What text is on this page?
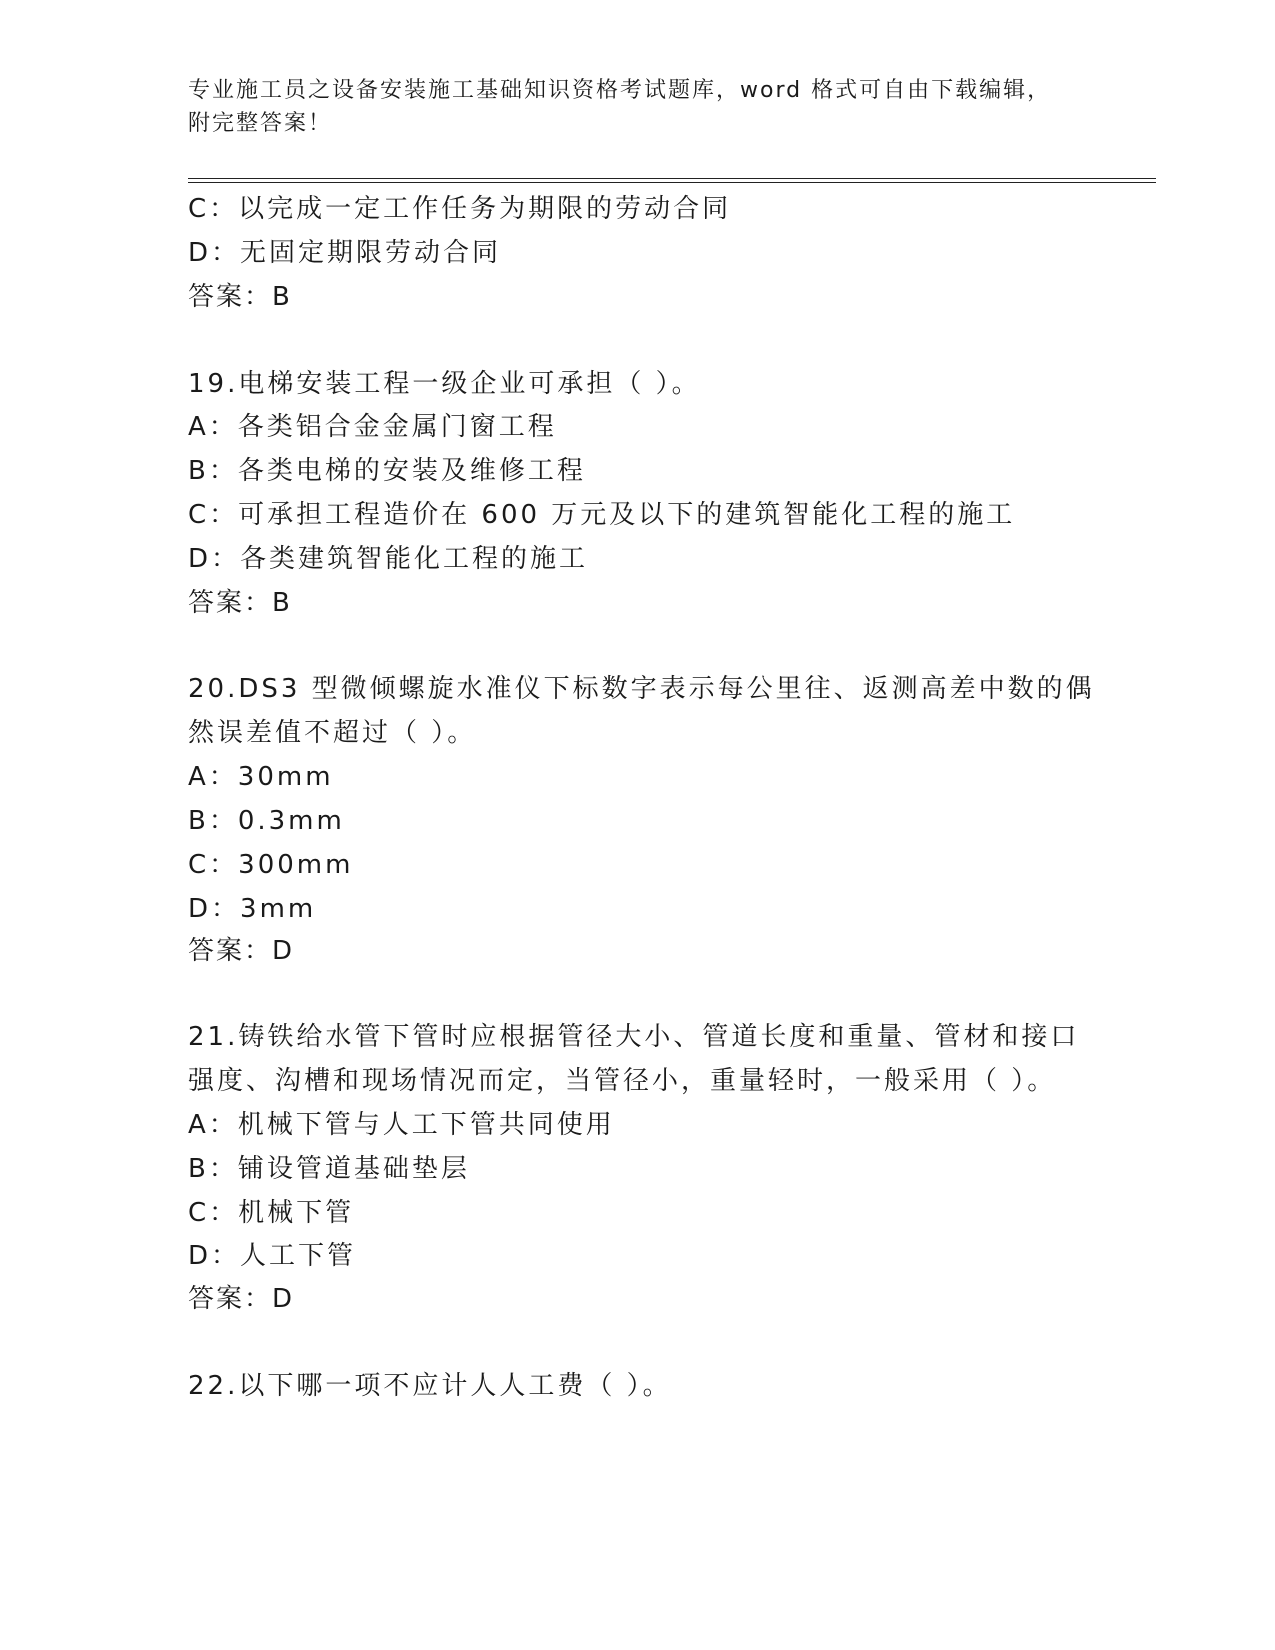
专业施工员之设备安装施工基础知识资格考试题库，word 格式可自由下载编辑，
附完整答案！
C：以完成一定工作任务为期限的劳动合同
D：无固定期限劳动合同
答案：B
19.电梯安装工程一级企业可承担（ ）。
A：各类铝合金金属门窗工程
B：各类电梯的安装及维修工程
C：可承担工程造价在 600 万元及以下的建筑智能化工程的施工
D：各类建筑智能化工程的施工
答案：B
20.DS3 型微倾螺旋水准仪下标数字表示每公里往、返测高差中数的偶
然误差值不超过（ ）。
A：30mm
B：0.3mm
C：300mm
D：3mm
答案：D
21.铸铁给水管下管时应根据管径大小、管道长度和重量、管材和接口
强度、沟槽和现场情况而定，当管径小，重量轻时，一般采用（ ）。
A：机械下管与人工下管共同使用
B：铺设管道基础垫层
C：机械下管
D：人工下管
答案：D
22.以下哪一项不应计人人工费（ ）。
